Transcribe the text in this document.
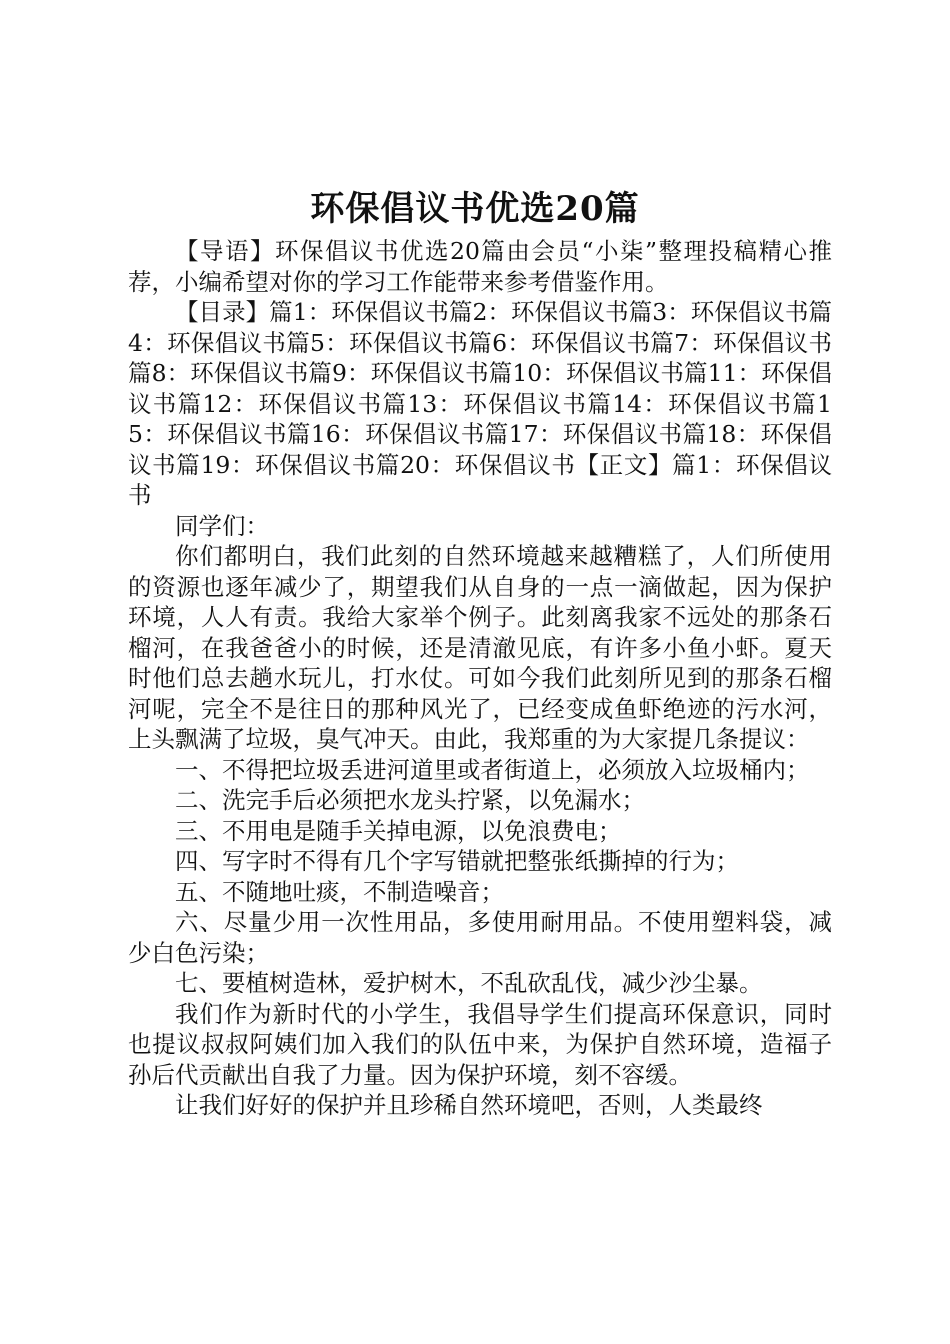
环保倡议书优选20篇

【导语】环保倡议书优选20篇由会员“小柒”整理投稿精心推荐，小编希望对你的学习工作能带来参考借鉴作用。

【目录】篇1：环保倡议书篇2：环保倡议书篇3：环保倡议书篇4：环保倡议书篇5：环保倡议书篇6：环保倡议书篇7：环保倡议书篇8：环保倡议书篇9：环保倡议书篇10：环保倡议书篇11：环保倡议书篇12：环保倡议书篇13：环保倡议书篇14：环保倡议书篇15：环保倡议书篇16：环保倡议书篇17：环保倡议书篇18：环保倡议书篇19：环保倡议书篇20：环保倡议书【正文】篇1：环保倡议书

同学们：

你们都明白，我们此刻的自然环境越来越糟糕了，人们所使用的资源也逐年减少了，期望我们从自身的一点一滴做起，因为保护环境，人人有责。我给大家举个例子。此刻离我家不远处的那条石榴河，在我爸爸小的时候，还是清澈见底，有许多小鱼小虾。夏天时他们总去趟水玩儿，打水仗。可如今我们此刻所见到的那条石榴河呢，完全不是往日的那种风光了，已经变成鱼虾绝迹的污水河，上头飘满了垃圾，臭气冲天。由此，我郑重的为大家提几条提议：

一、不得把垃圾丢进河道里或者街道上，必须放入垃圾桶内；

二、洗完手后必须把水龙头拧紧，以免漏水；

三、不用电是随手关掉电源，以免浪费电；

四、写字时不得有几个字写错就把整张纸撕掉的行为；

五、不随地吐痰，不制造噪音；

六、尽量少用一次性用品，多使用耐用品。不使用塑料袋，减少白色污染；

七、要植树造林，爱护树木，不乱砍乱伐，减少沙尘暴。

我们作为新时代的小学生，我倡导学生们提高环保意识，同时也提议叔叔阿姨们加入我们的队伍中来，为保护自然环境，造福子孙后代贡献出自我了力量。因为保护环境，刻不容缓。

让我们好好的保护并且珍稀自然环境吧，否则，人类最终
